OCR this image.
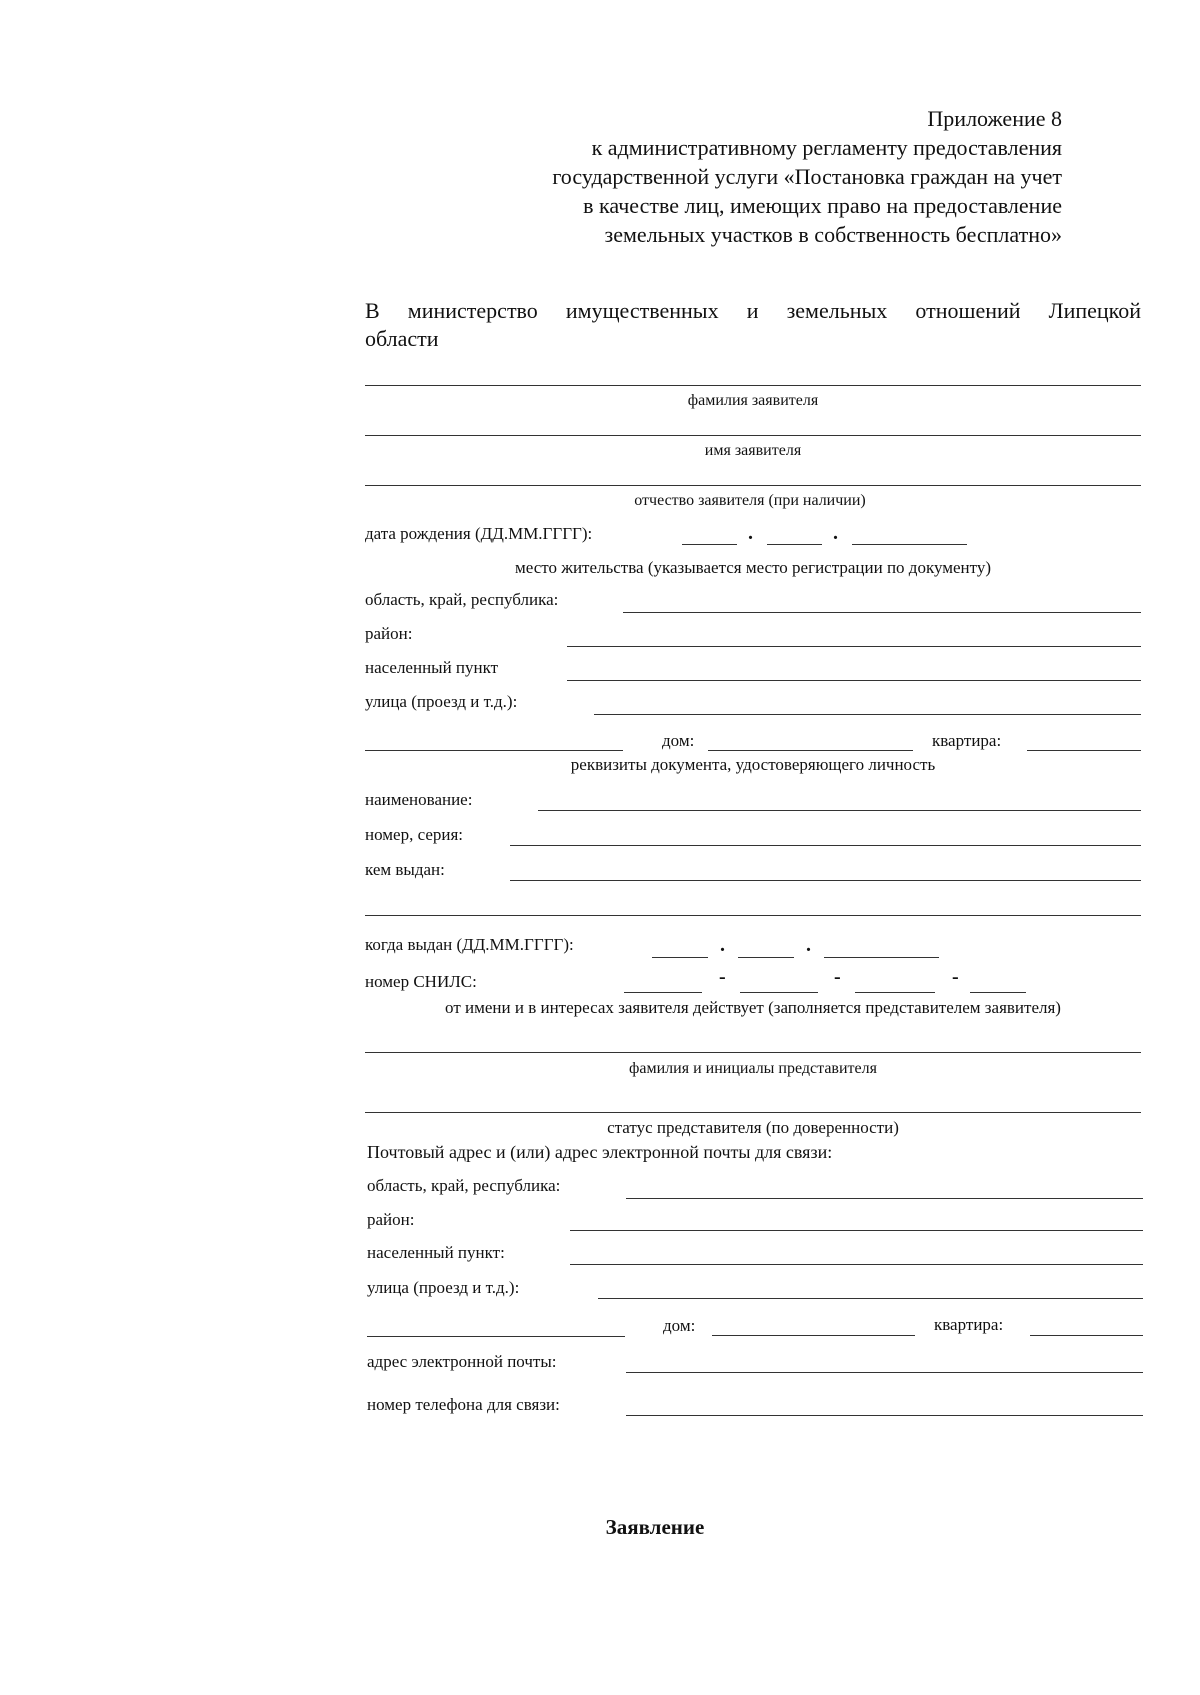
Приложение 8
к административному регламенту предоставления
государственной услуги «Постановка граждан на учет
в качестве лиц, имеющих право на предоставление
земельных участков в собственность бесплатно»
В министерство имущественных и земельных отношений Липецкой
области
фамилия заявителя
имя заявителя
отчество заявителя (при наличии)
дата рождения (ДД.ММ.ГГГГ):	.	.
место жительства (указывается место регистрации по документу)
область, край, республика:
район:
населенный пункт
улица (проезд и т.д.):
дом:	квартира:
реквизиты документа, удостоверяющего личность
наименование:
номер, серия:
кем выдан:
когда выдан (ДД.ММ.ГГГГ):	.	.
номер СНИЛС:	-	-	-
от имени и в интересах заявителя действует (заполняется представителем заявителя)
фамилия и инициалы представителя
статус представителя (по доверенности)
Почтовый адрес и (или) адрес электронной почты для связи:
область, край, республика:
район:
населенный пункт:
улица (проезд и т.д.):
дом:	квартира:
адрес электронной почты:
номер телефона для связи:
Заявление
